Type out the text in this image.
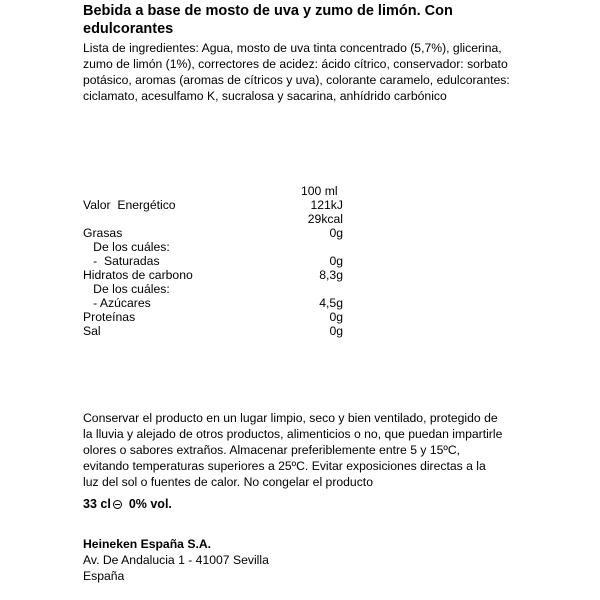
Bebida a base de mosto de uva y zumo de limón. Con edulcorantes
Lista de ingredientes: Agua, mosto de uva tinta concentrado (5,7%), glicerina, zumo de limón (1%), correctores de acidez: ácido cítrico, conservador: sorbato potásico, aromas (aromas de cítricos y uva), colorante caramelo, edulcorantes: ciclamato, acesulfamo K, sucralosa y sacarina, anhídrido carbónico
100 ml
Valor  Energético	121kJ
29kcal
Grasas	0g
De los cuáles:
-  Saturadas	0g
Hidratos de carbono	8,3g
De los cuáles:
- Azúcares	4,5g
Proteínas	0g
Sal	0g
Conservar el producto en un lugar limpio, seco y bien ventilado, protegido de la lluvia y alejado de otros productos, alimenticios o no, que puedan impartirle olores o sabores extraños. Almacenar preferiblemente entre 5 y 15ºC, evitando temperaturas superiores a 25ºC. Evitar exposiciones directas a la luz del sol o fuentes de calor. No congelar el producto
33 cl 0% vol.
Heineken España S.A.
Av. De Andalucia 1 - 41007 Sevilla
España
